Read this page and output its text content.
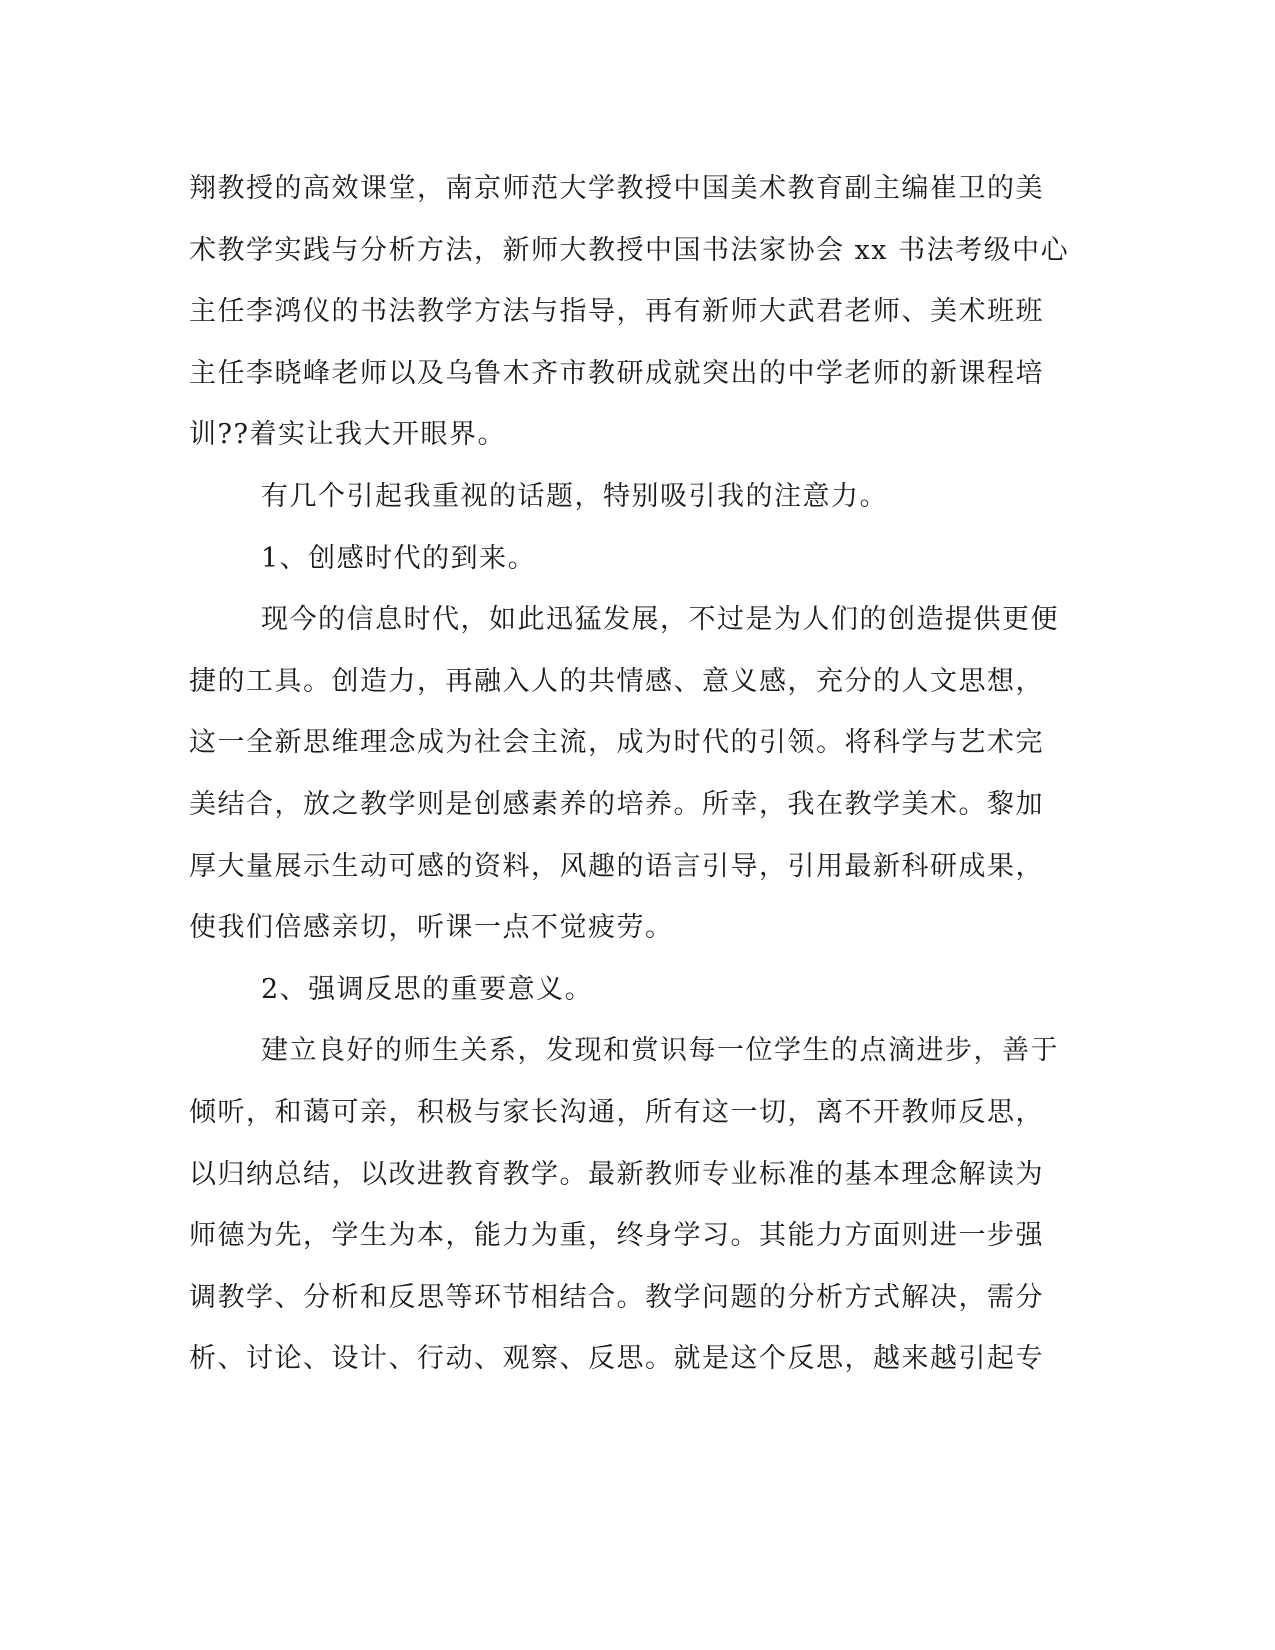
翔教授的高效课堂，南京师范大学教授中国美术教育副主编崔卫的美
术教学实践与分析方法，新师大教授中国书法家协会 xx 书法考级中心
主任李鸿仪的书法教学方法与指导，再有新师大武君老师、美术班班
主任李晓峰老师以及乌鲁木齐市教研成就突出的中学老师的新课程培
训??着实让我大开眼界。
有几个引起我重视的话题，特别吸引我的注意力。
1、创感时代的到来。
现今的信息时代，如此迅猛发展，不过是为人们的创造提供更便
捷的工具。创造力，再融入人的共情感、意义感，充分的人文思想，
这一全新思维理念成为社会主流，成为时代的引领。将科学与艺术完
美结合，放之教学则是创感素养的培养。所幸，我在教学美术。黎加
厚大量展示生动可感的资料，风趣的语言引导，引用最新科研成果，
使我们倍感亲切，听课一点不觉疲劳。
2、强调反思的重要意义。
建立良好的师生关系，发现和赏识每一位学生的点滴进步，善于
倾听，和蔼可亲，积极与家长沟通，所有这一切，离不开教师反思，
以归纳总结，以改进教育教学。最新教师专业标准的基本理念解读为
师德为先，学生为本，能力为重，终身学习。其能力方面则进一步强
调教学、分析和反思等环节相结合。教学问题的分析方式解决，需分
析、讨论、设计、行动、观察、反思。就是这个反思，越来越引起专
